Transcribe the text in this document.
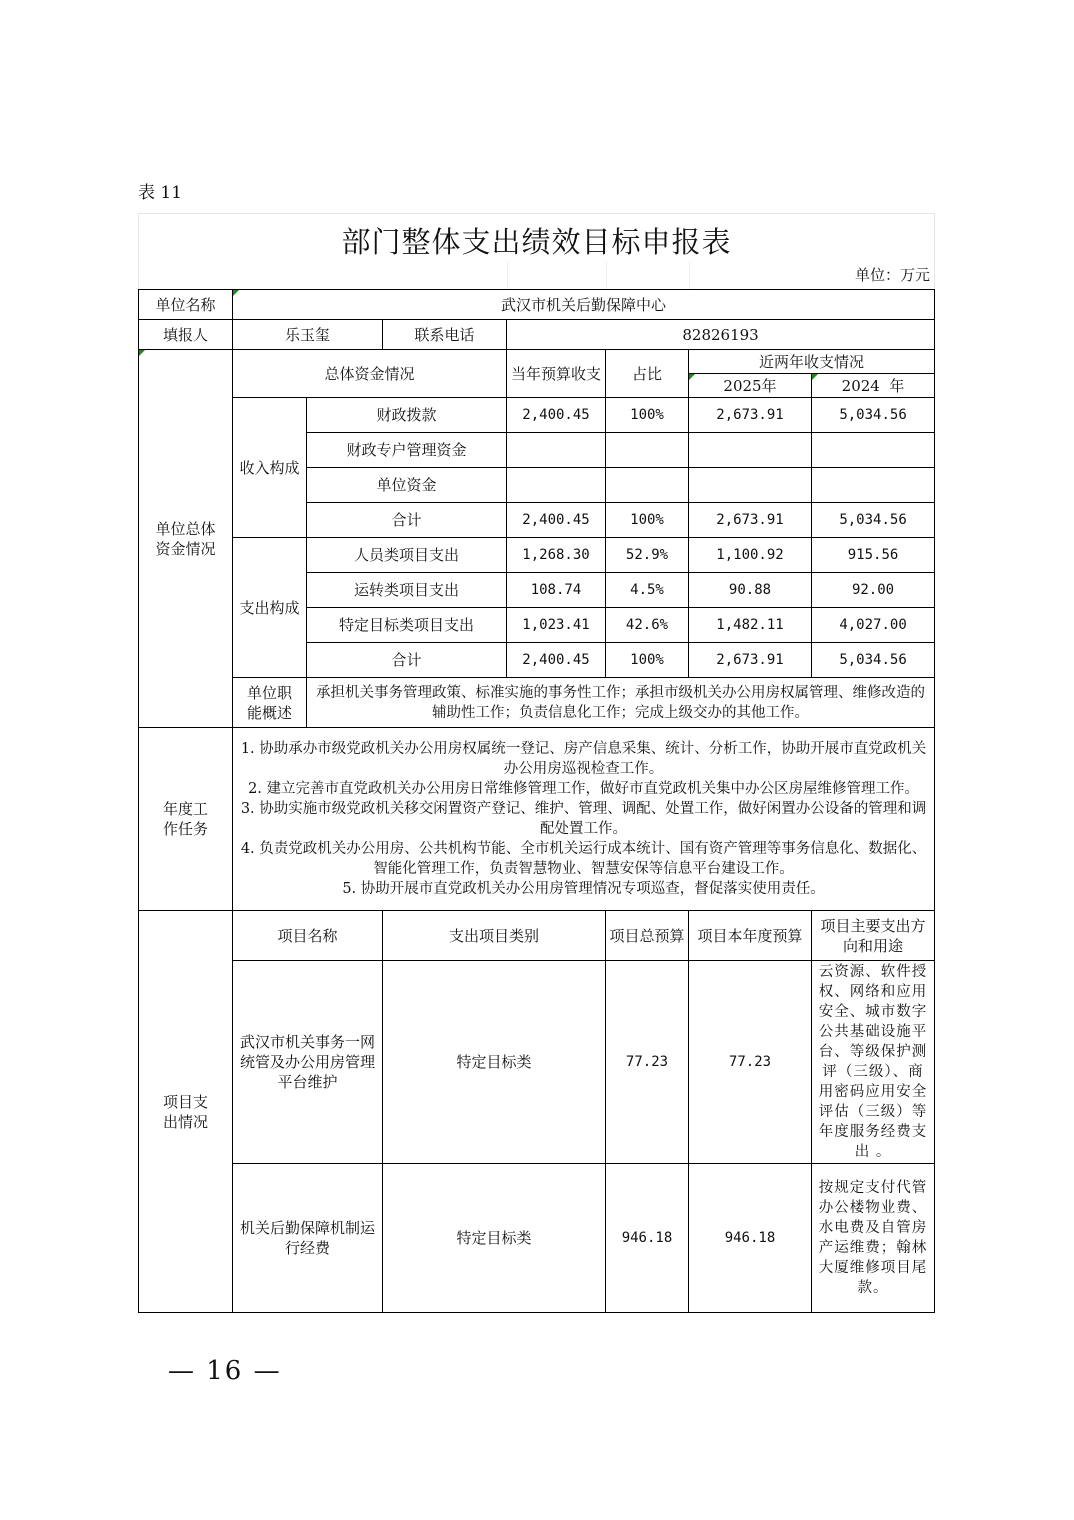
表 11
部门整体支出绩效目标申报表
单位：万元
单位名称	武汉市机关后勤保障中心						
填报人	乐玉玺		联系电话	82826193			

单位总体资金情况	总体资金情况			当年预算收支	占比	近两年收支情况	
						2025年	2024  年
	收入构成	财政拨款		2,400.45	100%	2,673.91	5,034.56
		财政专户管理资金					
		单位资金					
		合计		2,400.45	100%	2,673.91	5,034.56
	支出构成	人员类项目支出		1,268.30	52.9%	1,100.92	915.56
		运转类项目支出		108.74	4.5%	90.88	92.00
		特定目标类项目支出		1,023.41	42.6%	1,482.11	4,027.00
		合计		2,400.45	100%	2,673.91	5,034.56

	单位职能概述	承担机关事务管理政策、标准实施的事务性工作；承担市级机关办公用房权属管理、维修改造的辅助性工作；负责信息化工作；完成上级交办的其他工作。					

年度工作任务	1. 协助承办市级党政机关办公用房权属统一登记、房产信息采集、统计、分析工作，协助开展市直党政机关办公用房巡视检查工作。
2. 建立完善市直党政机关办公用房日常维修管理工作，做好市直党政机关集中办公区房屋维修管理工作。
3. 协助实施市级党政机关移交闲置资产登记、维护、管理、调配、处置工作，做好闲置办公设备的管理和调配处置工作。
4. 负责党政机关办公用房、公共机构节能、全市机关运行成本统计、国有资产管理等事务信息化、数据化、智能化管理工作，负责智慧物业、智慧安保等信息平台建设工作。
5. 协助开展市直党政机关办公用房管理情况专项巡查，督促落实使用责任。						

项目支出情况	项目名称		支出项目类别		项目总预算	项目本年度预算	项目主要支出方向和用途
	武汉市机关事务一网统管及办公用房管理平台维护		特定目标类		77.23	77.23	云资源、软件授权、网络和应用安全、城市数字公共基础设施平台、等级保护测评（三级）、商用密码应用安全评估（三级）等年度服务经费支出 。
	机关后勤保障机制运行经费		特定目标类		946.18	946.18	按规定支付代管办公楼物业费、水电费及自管房产运维费；翰林大厦维修项目尾款。
— 16 —
